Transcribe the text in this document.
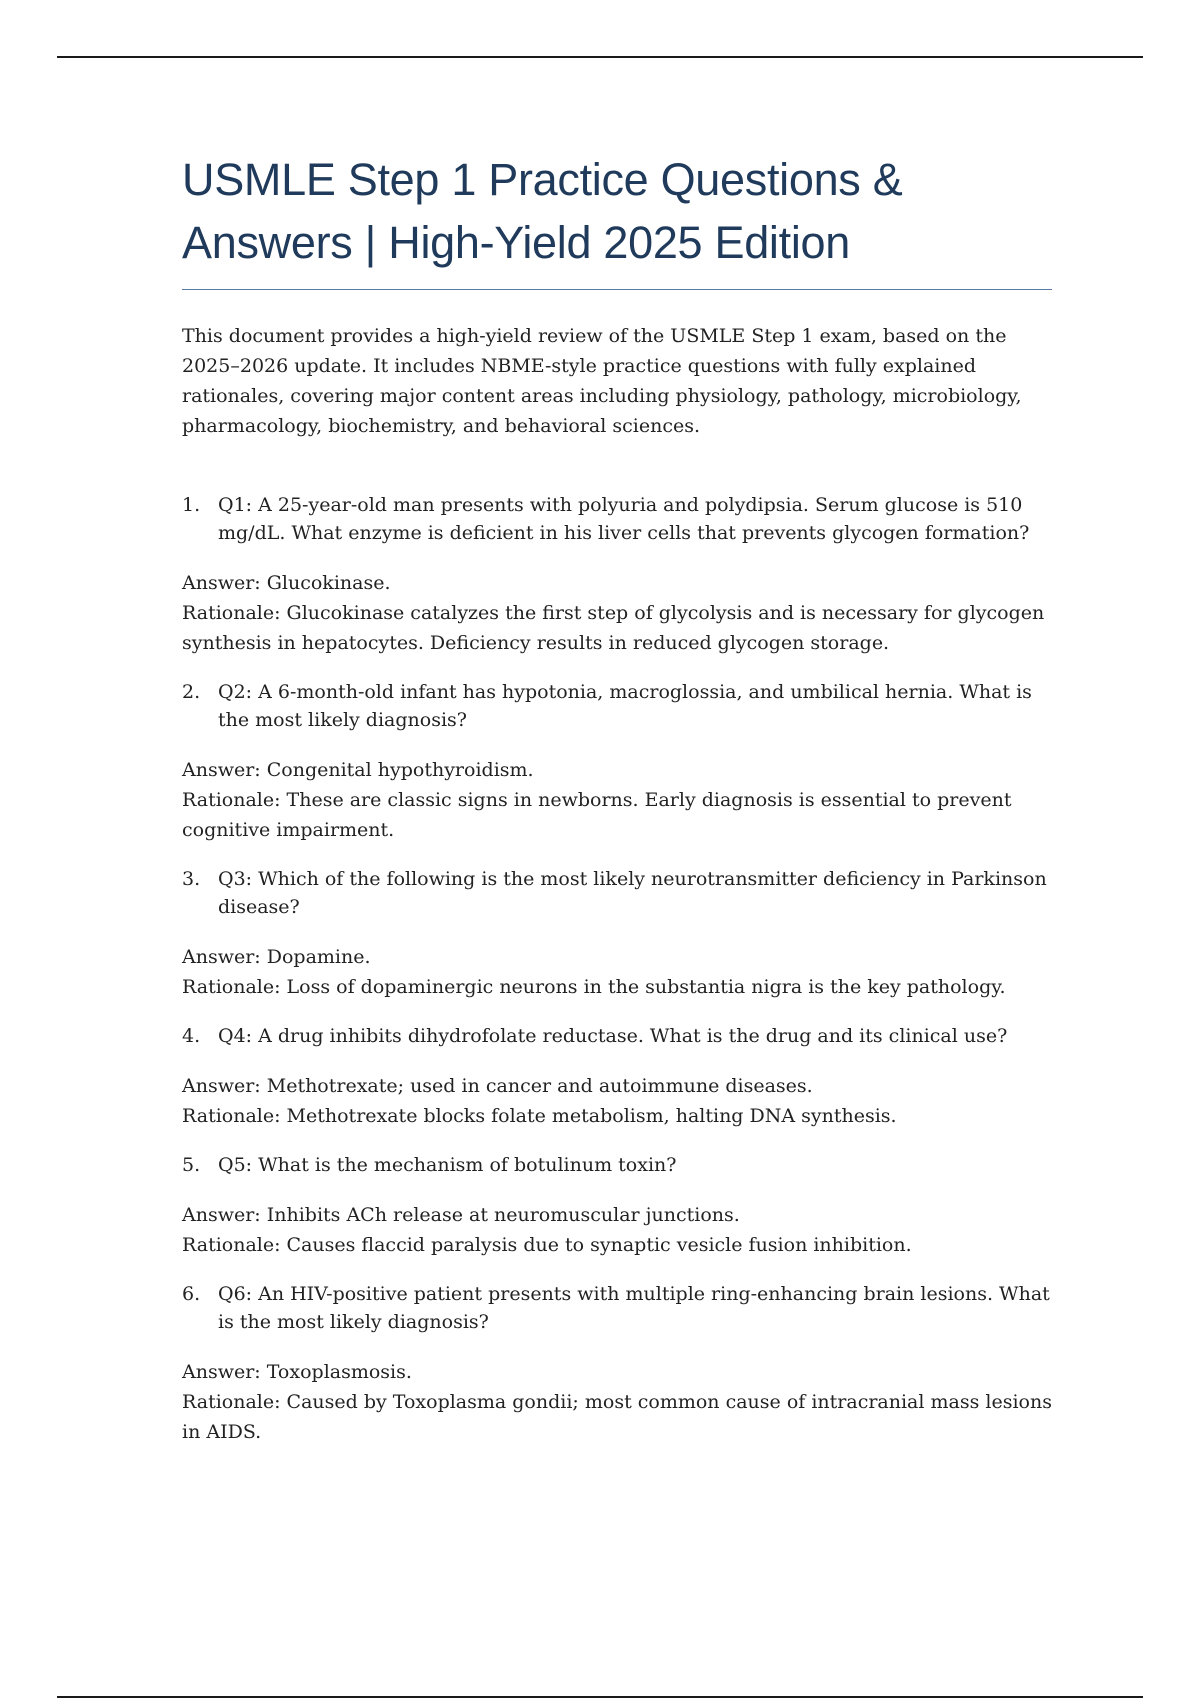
USMLE Step 1 Practice Questions & Answers | High-Yield 2025 Edition

This document provides a high-yield review of the USMLE Step 1 exam, based on the 2025–2026 update. It includes NBME-style practice questions with fully explained rationales, covering major content areas including physiology, pathology, microbiology, pharmacology, biochemistry, and behavioral sciences.

1. Q1: A 25-year-old man presents with polyuria and polydipsia. Serum glucose is 510 mg/dL. What enzyme is deficient in his liver cells that prevents glycogen formation?
Answer: Glucokinase.
Rationale: Glucokinase catalyzes the first step of glycolysis and is necessary for glycogen synthesis in hepatocytes. Deficiency results in reduced glycogen storage.
2. Q2: A 6-month-old infant has hypotonia, macroglossia, and umbilical hernia. What is the most likely diagnosis?
Answer: Congenital hypothyroidism.
Rationale: These are classic signs in newborns. Early diagnosis is essential to prevent cognitive impairment.
3. Q3: Which of the following is the most likely neurotransmitter deficiency in Parkinson disease?
Answer: Dopamine.
Rationale: Loss of dopaminergic neurons in the substantia nigra is the key pathology.
4. Q4: A drug inhibits dihydrofolate reductase. What is the drug and its clinical use?
Answer: Methotrexate; used in cancer and autoimmune diseases.
Rationale: Methotrexate blocks folate metabolism, halting DNA synthesis.
5. Q5: What is the mechanism of botulinum toxin?
Answer: Inhibits ACh release at neuromuscular junctions.
Rationale: Causes flaccid paralysis due to synaptic vesicle fusion inhibition.
6. Q6: An HIV-positive patient presents with multiple ring-enhancing brain lesions. What is the most likely diagnosis?
Answer: Toxoplasmosis.
Rationale: Caused by Toxoplasma gondii; most common cause of intracranial mass lesions in AIDS.
